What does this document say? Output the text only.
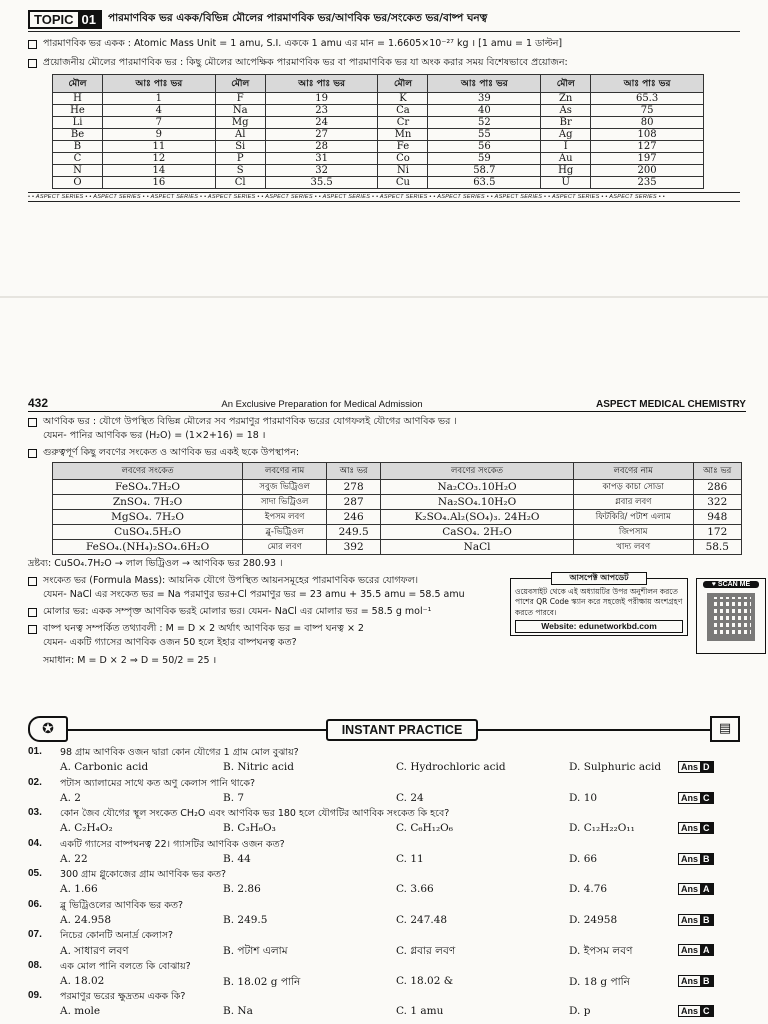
TOPIC 01	পারমাণবিক ভর একক/বিভিন্ন মৌলের পারমাণবিক ভর/আণবিক ভর/সংকেত ভর/বাষ্প ঘনত্ব
পারমাণবিক ভর একক : Atomic Mass Unit = 1 amu, S.I. এককে 1 amu এর মান = 1.6605×10⁻²⁷ kg । [1 amu = 1 ডাল্টন]
প্রয়োজনীয় মৌলের পারমাণবিক ভর : কিছু মৌলের আপেক্ষিক পারমাণবিক ভর বা পারমাণবিক ভর যা অংক করার সময় বিশেষভাবে প্রয়োজন:
মৌল	আঃ পাঃ ভর	মৌল	আঃ পাঃ ভর	মৌল	আঃ পাঃ ভর	মৌল	আঃ পাঃ ভর
H	1	F	19	K	39	Zn	65.3
He	4	Na	23	Ca	40	As	75
Li	7	Mg	24	Cr	52	Br	80
Be	9	Al	27	Mn	55	Ag	108
B	11	Si	28	Fe	56	I	127
C	12	P	31	Co	59	Au	197
N	14	S	32	Ni	58.7	Hg	200
O	16	Cl	35.5	Cu	63.5	U	235
• • ASPECT SERIES • • ASPECT SERIES • • ASPECT SERIES • • ASPECT SERIES • • ASPECT SERIES • • ASPECT SERIES • • ASPECT SERIES • • ASPECT SERIES • • ASPECT SERIES • • ASPECT SERIES • • ASPECT SERIES • •
432	An Exclusive Preparation for Medical Admission	ASPECT MEDICAL CHEMISTRY
আণবিক ভর : যৌগে উপস্থিত বিভিন্ন মৌলের সব পরমাণুর পারমাণবিক ভরের যোগফলই যৌগের আণবিক ভর ।
যেমন- পানির আণবিক ভর (H₂O) = (1×2+16) = 18 ।
গুরুত্বপূর্ণ কিছু লবণের সংকেত ও আণবিক ভর একই ছকে উপস্থাপন:
লবণের সংকেত	লবণের নাম	আঃ ভর	লবণের সংকেত	লবণের নাম	আঃ ভর
FeSO₄.7H₂O	সবুজ ভিট্রিওল	278	Na₂CO₃.10H₂O	কাপড় কাচা সোডা	286
ZnSO₄. 7H₂O	সাদা ভিট্রিওল	287	Na₂SO₄.10H₂O	গ্লবার লবণ	322
MgSO₄. 7H₂O	ইপসম লবণ	246	K₂SO₄.Al₂(SO₄)₃. 24H₂O	ফিটকিরি/ পটাশ এলাম	948
CuSO₄.5H₂O	ব্লু-ভিট্রিওল	249.5	CaSO₄. 2H₂O	জিপসাম	172
FeSO₄.(NH₄)₂SO₄.6H₂O	মোর লবণ	392	NaCl	খাদ্য লবণ	58.5
দ্রষ্টব্য: CuSO₄.7H₂O → লাল ভিট্রিওল → আণবিক ভর 280.93 ।
সংকেত ভর (Formula Mass): আয়নিক যৌগে উপস্থিত আয়নসমূহের পারমাণবিক ভরের যোগফল।
যেমন- NaCl এর সংকেত ভর = Na পরমাণুর ভর+Cl পরমাণুর ভর = 23 amu + 35.5 amu = 58.5 amu
মোলার ভর: একক সম্পৃক্ত আণবিক ভরই মোলার ভর। যেমন- NaCl এর মোলার ভর = 58.5 g mol⁻¹
বাষ্প ঘনত্ব সম্পর্কিত তথ্যাবলী : M = D × 2 অর্থাৎ আণবিক ভর = বাষ্প ঘনত্ব × 2
যেমন- একটি গ্যাসের আণবিক ওজন 50 হলে ইহার বাষ্পঘনত্ব কত?
সমাধান: M = D × 2 ⇒ D = 50/2 = 25 ।
আসপেক্ট আপডেট
ওয়েবসাইট থেকে এই অধ্যায়টির উপর অনুশীলন করতে পাশের QR Code স্ক্যান করে সহজেই পরীক্ষায় অংশগ্রহণ করতে পারবে।
Website: edunetworkbd.com
♥ SCAN ME
✪	INSTANT PRACTICE	▤
01.	98 গ্রাম আণবিক ওজন দ্বারা কোন যৌগের 1 গ্রাম মোল বুঝায়?
A. Carbonic acid	B. Nitric acid	C. Hydrochloric acid	D. Sulphuric acid	Ans D
02.	পটাস অ্যালামের সাথে কত অণু কেলাস পানি থাকে?
A. 2	B. 7	C. 24	D. 10	Ans C
03.	কোন জৈব যৌগের স্থূল সংকেত CH₂O এবং আণবিক ভর 180 হলে যৌগটির আণবিক সংকেত কি হবে?
A. C₂H₄O₂	B. C₃H₆O₃	C. C₆H₁₂O₆	D. C₁₂H₂₂O₁₁	Ans C
04.	একটি গ্যাসের বাষ্পঘনত্ব 22। গ্যাসটির আণবিক ওজন কত?
A. 22	B. 44	C. 11	D. 66	Ans B
05.	300 গ্রাম গ্লুকোজের গ্রাম আণবিক ভর কত?
A. 1.66	B. 2.86	C. 3.66	D. 4.76	Ans A
06.	ব্লু ভিট্রিওলের আণবিক ভর কত?
A. 24.958	B. 249.5	C. 247.48	D. 24958	Ans B
07.	নিচের কোনটি অনার্দ্র কেলাস?
A. সাধারণ লবণ	B. পটাশ এলাম	C. গ্লবার লবণ	D. ইপসম লবণ	Ans A
08.	এক মোল পানি বলতে কি বোঝায়?
A. 18.02	B. 18.02 g পানি	C. 18.02 &	D. 18 g পানি	Ans B
09.	পরমাণুর ভরের ক্ষুদ্রতম একক কি?
A. mole	B. Na	C. 1 amu	D. p	Ans C
